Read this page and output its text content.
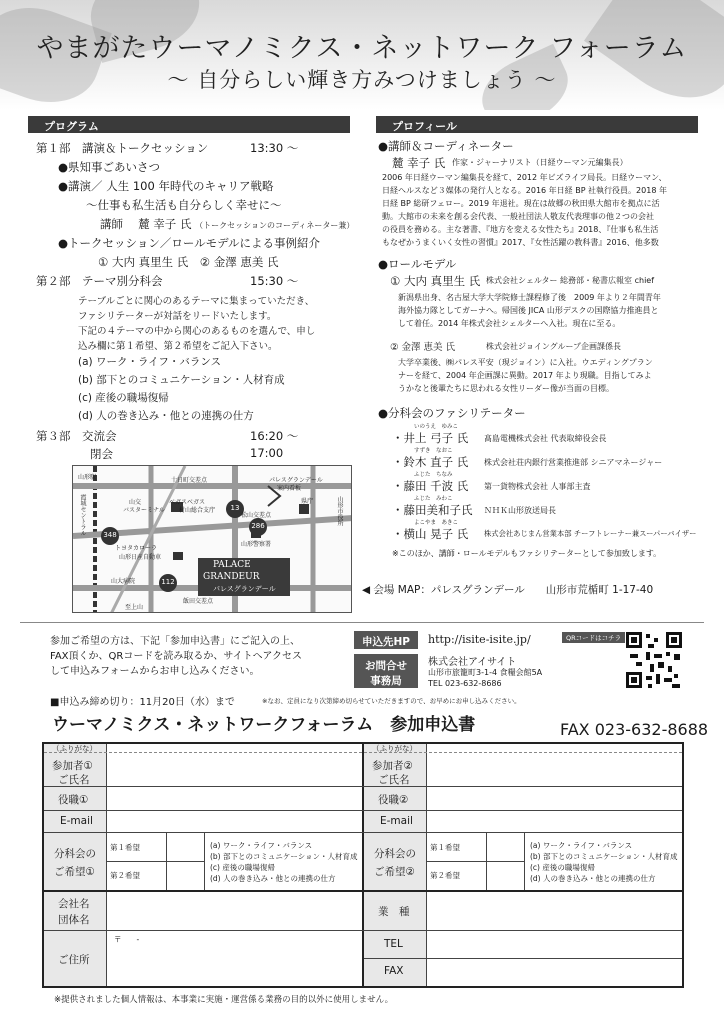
やまがたウーマノミクス・ネットワーク フォーラム
〜 自分らしい輝き方みつけましょう 〜
プログラム
第１部　講演＆トークセッション	13:30 〜
● 県知事ごあいさつ
● 講演／ 人生 100 年時代のキャリア戦略
〜仕事も私生活も自分らしく幸せに〜
講師　 麓 幸子 氏 （トークセッションのコーディネーター兼）
● トークセッション／ロールモデルによる事例紹介
① 大内 真里生 氏　② 金澤 恵美 氏
第２部　テーマ別分科会	15:30 〜
テーブルごとに関心のあるテーマに集まっていただき、
ファシリテーターが対話をリードいたします。
下記の４テーマの中から関心のあるものを選んで、申し
込み欄に第１希望、第２希望をご記入下さい。
(a) ワーク・ライフ・バランス
(b) 部下とのコミュニケーション・人材育成
(c) 産後の職場復帰
(d) 人の巻き込み・他との連携の仕方
第３部　交流会	16:20 〜
閉会	17:00
348
13
286
112
十日町交差点
山交
バスターミナル
ベガスベガス
村山総合支庁
パレスグランデール
案内看板
県庁	山形市役所
松山交差点
山形警察署
トヨタカローラ
山形日産自動車
山大病院
飯田交差点
至上山
霞城セントラル
山形駅
PALACE
GRANDEUR
パレスグランデール
プロフィール
● 講師＆コーディネーター
麓 幸子 氏 作家・ジャーナリスト（日経ウーマン元編集長）
2006 年日経ウーマン編集長を経て、2012 年ビズライフ局長。日経ウーマン、
日経ヘルスなど３媒体の発行人となる。2016 年日経 BP 社執行役員。2018 年
日経 BP 総研フェロー。2019 年退社。現在は故郷の秋田県大館市を拠点に活
動。大館市の未来を創る会代表、一般社団法人敬友代表理事の他２つの会社
の役員を務める。主な著書、『地方を変える女性たち』2018、『仕事も私生活
もなぜかうまくいく女性の習慣』2017、『女性活躍の教科書』2016、他多数
● ロールモデル
① 大内 真里生 氏 株式会社シェルター 総務部・秘書広報室 chief
新潟県出身、名古屋大学大学院修士課程修了後　2009 年より２年間青年
海外協力隊としてガーナへ。帰国後 JICA 山形デスクの国際協力推進員と
して着任。2014 年株式会社シェルターへ入社。現在に至る。
② 金澤 恵美 氏	株式会社ジョイングループ企画課係長
大学卒業後、㈱パレス平安（現ジョイン）に入社。ウエディングプラン
ナーを経て、2004 年企画課に異動。2017 年より現職。目指してみよ
うかなと後輩たちに思われる女性リーダー像が当面の目標。
● 分科会のファシリテーター
いのうえ　ゆみこ
・井上 弓子 氏 髙島電機株式会社 代表取締役会長
すずき　なおこ
・鈴木 直子 氏 株式会社荘内銀行営業推進部 シニアマネージャー
ふじた　ちなみ
・藤田 千波 氏 第一貨物株式会社 人事部主査
ふじた　みわこ
・藤田美和子氏 ＮＨＫ山形放送局長
よこやま　あきこ
・横山 晃子 氏 株式会社あじまん営業本部 チーフトレーナー兼スーパーバイザー
※このほか、講師・ロールモデルもファシリテーターとして参加致します。
◀ 会場 MAP：パレスグランデール　　山形市荒楯町 1-17-40
参加ご希望の方は、下記「参加申込書」にご記入の上、
FAX頂くか、QRコードを読み取るか、サイトへアクセス
して申込みフォームからお申し込みください。
申込先HP	http://isite-isite.jp/	QRコードはコチラ
お問合せ
事務局
株式会社アイサイト
山形市旅籠町3-1-4 食糧会館5A
TEL 023-632-8686
■申込み締め切り：11月20日（水）まで	※なお、定員になり次第締め切らせていただきますので、お早めにお申し込みください。
ウーマノミクス・ネットワークフォーラム　参加申込書	FAX 023-632-8688
（ふりがな）
参加者①
ご氏名
役職①
E-mail
分科会の
ご希望①
第１希望
第２希望
(a) ワーク・ライフ・バランス
(b) 部下とのコミュニケーション・人材育成
(c) 産後の職場復帰
(d) 人の巻き込み・他との連携の仕方
（ふりがな）
参加者②
ご氏名
役職②
E-mail
分科会の
ご希望②
第１希望
第２希望
(a) ワーク・ライフ・バランス
(b) 部下とのコミュニケーション・人材育成
(c) 産後の職場復帰
(d) 人の巻き込み・他との連携の仕方
会社名
団体名
業　種
ご住所
〒　　-	TEL
FAX
※提供されました個人情報は、本事業に実施・運営係る業務の目的以外に使用しません。
